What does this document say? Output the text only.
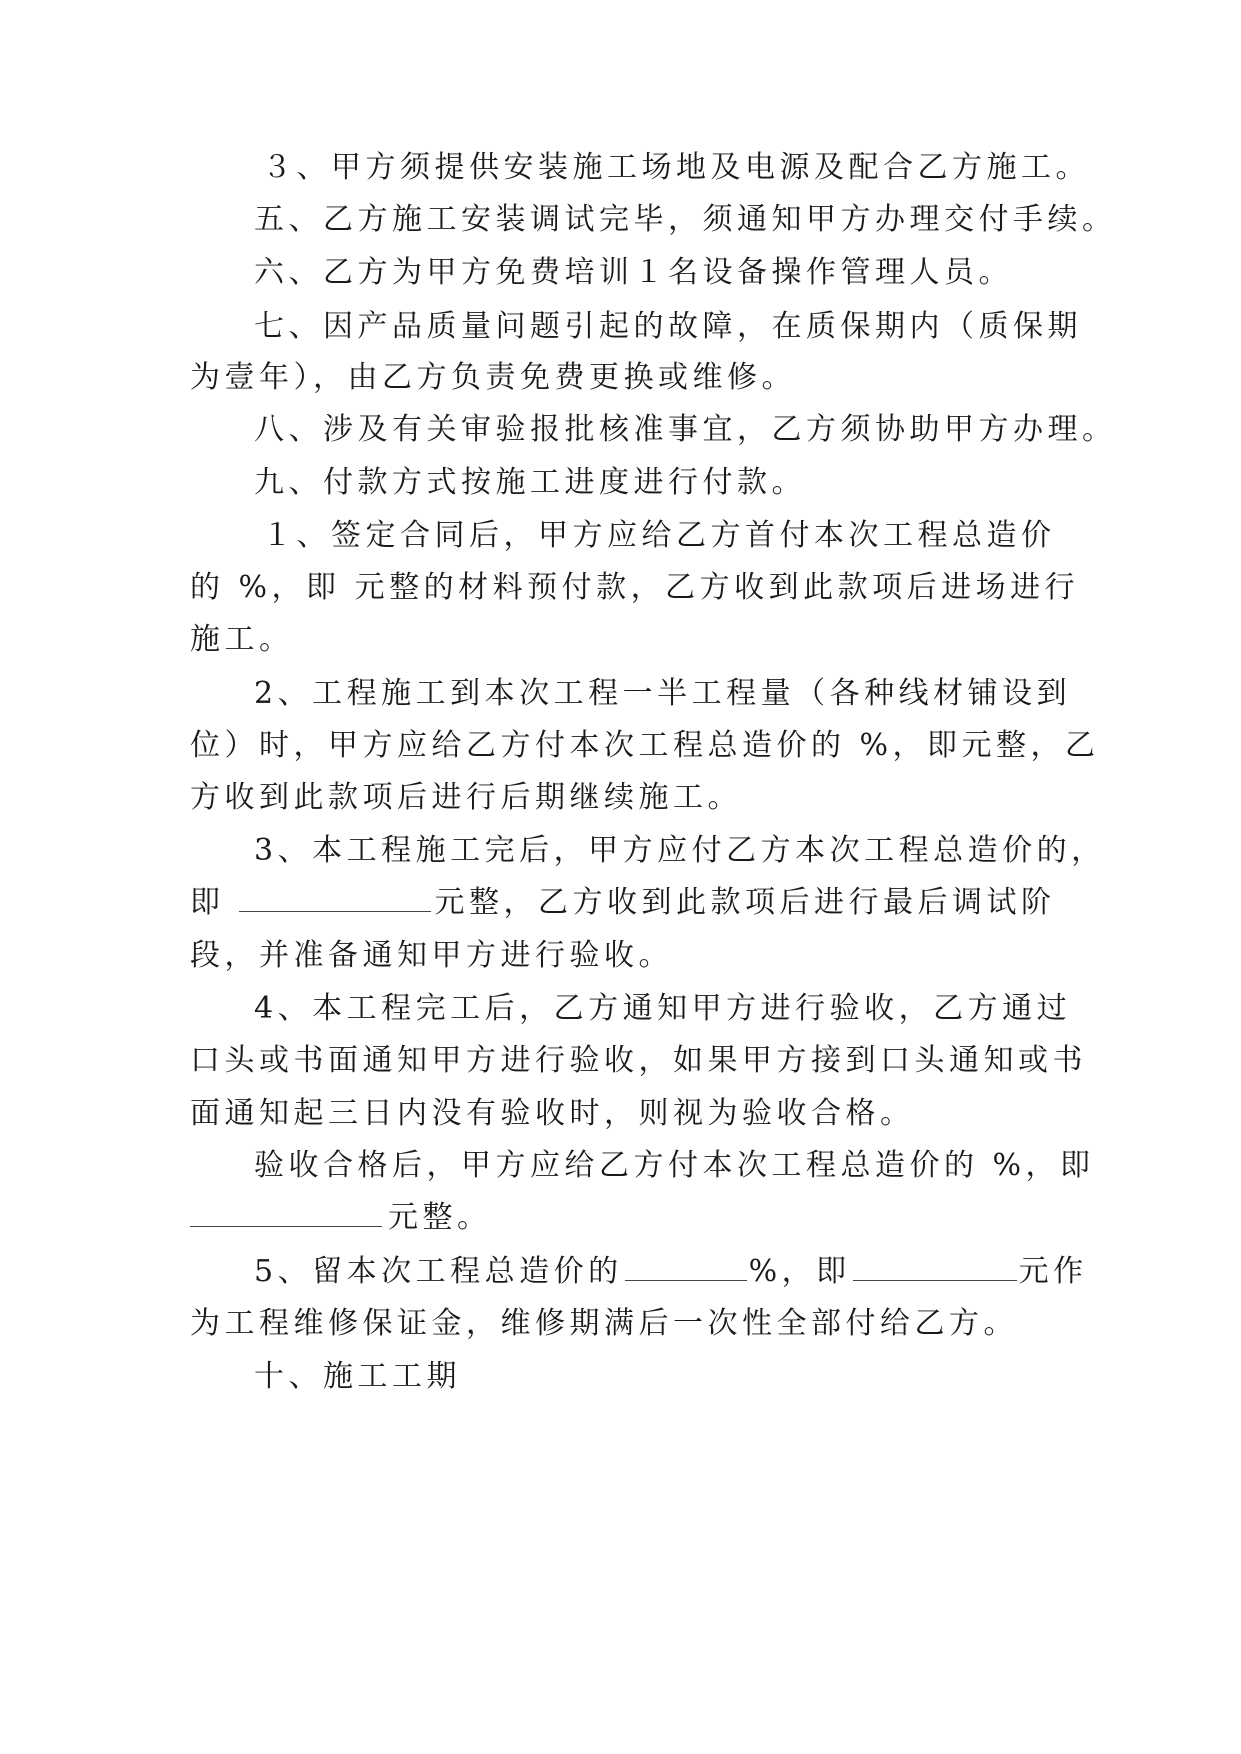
３、甲方须提供安装施工场地及电源及配合乙方施工。
五、乙方施工安装调试完毕，须通知甲方办理交付手续。
六、乙方为甲方免费培训１名设备操作管理人员。
七、因产品质量问题引起的故障，在质保期内（质保期
为壹年），由乙方负责免费更换或维修。
八、涉及有关审验报批核准事宜，乙方须协助甲方办理。
九、付款方式按施工进度进行付款。
１、签定合同后，甲方应给乙方首付本次工程总造价
的 %，即 元整的材料预付款，乙方收到此款项后进场进行
施工。
2、工程施工到本次工程一半工程量（各种线材铺设到
位）时，甲方应给乙方付本次工程总造价的 %，即元整，乙
方收到此款项后进行后期继续施工。
3、本工程施工完后，甲方应付乙方本次工程总造价的，
即	元整，乙方收到此款项后进行最后调试阶
段，并准备通知甲方进行验收。
4、本工程完工后，乙方通知甲方进行验收，乙方通过
口头或书面通知甲方进行验收，如果甲方接到口头通知或书
面通知起三日内没有验收时，则视为验收合格。
验收合格后，甲方应给乙方付本次工程总造价的 %，即
元整。
5、留本次工程总造价的	%，即	元作
为工程维修保证金，维修期满后一次性全部付给乙方。
十、施工工期
